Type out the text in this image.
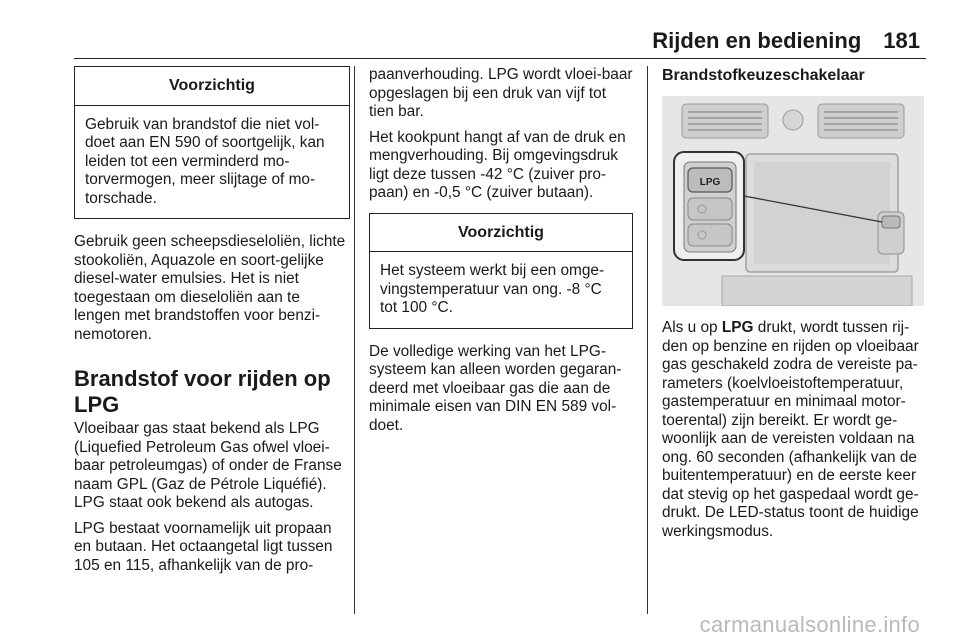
Rijden en bediening 181
Voorzichtig
Gebruik van brandstof die niet vol-doet aan EN 590 of soortgelijk, kan leiden tot een verminderd mo-torvermogen, meer slijtage of mo-torschade.

Gebruik geen scheepsdieseloliën, lichte stookoliën, Aquazole en soort-gelijke diesel-water emulsies. Het is niet toegestaan om dieseloliën aan te lengen met brandstoffen voor benzi-nemotoren.

Brandstof voor rijden op LPG

Vloeibaar gas staat bekend als LPG (Liquefied Petroleum Gas ofwel vloei-baar petroleumgas) of onder de Franse naam GPL (Gaz de Pétrole Liquéfié). LPG staat ook bekend als autogas.

LPG bestaat voornamelijk uit propaan en butaan. Het octaangetal ligt tussen 105 en 115, afhankelijk van de pro-

paanverhouding. LPG wordt vloei-baar opgeslagen bij een druk van vijf tot tien bar.

Het kookpunt hangt af van de druk en mengverhouding. Bij omgevingsdruk ligt deze tussen -42 °C (zuiver pro-paan) en -0,5 °C (zuiver butaan).

Voorzichtig
Het systeem werkt bij een omge-vingstemperatuur van ong. -8 °C tot 100 °C.

De volledige werking van het LPG-systeem kan alleen worden gegaran-deerd met vloeibaar gas die aan de minimale eisen van DIN EN 589 vol-doet.

Brandstofkeuzeschakelaar
LPG

Als u op LPG drukt, wordt tussen rij-den op benzine en rijden op vloeibaar gas geschakeld zodra de vereiste pa-rameters (koelvloeistoftemperatuur, gastemperatuur en minimaal motor-toerental) zijn bereikt. Er wordt ge-woonlijk aan de vereisten voldaan na ong. 60 seconden (afhankelijk van de buitentemperatuur) en de eerste keer dat stevig op het gaspedaal wordt ge-drukt. De LED-status toont de huidige werkingsmodus.

carmanualsonline.info
